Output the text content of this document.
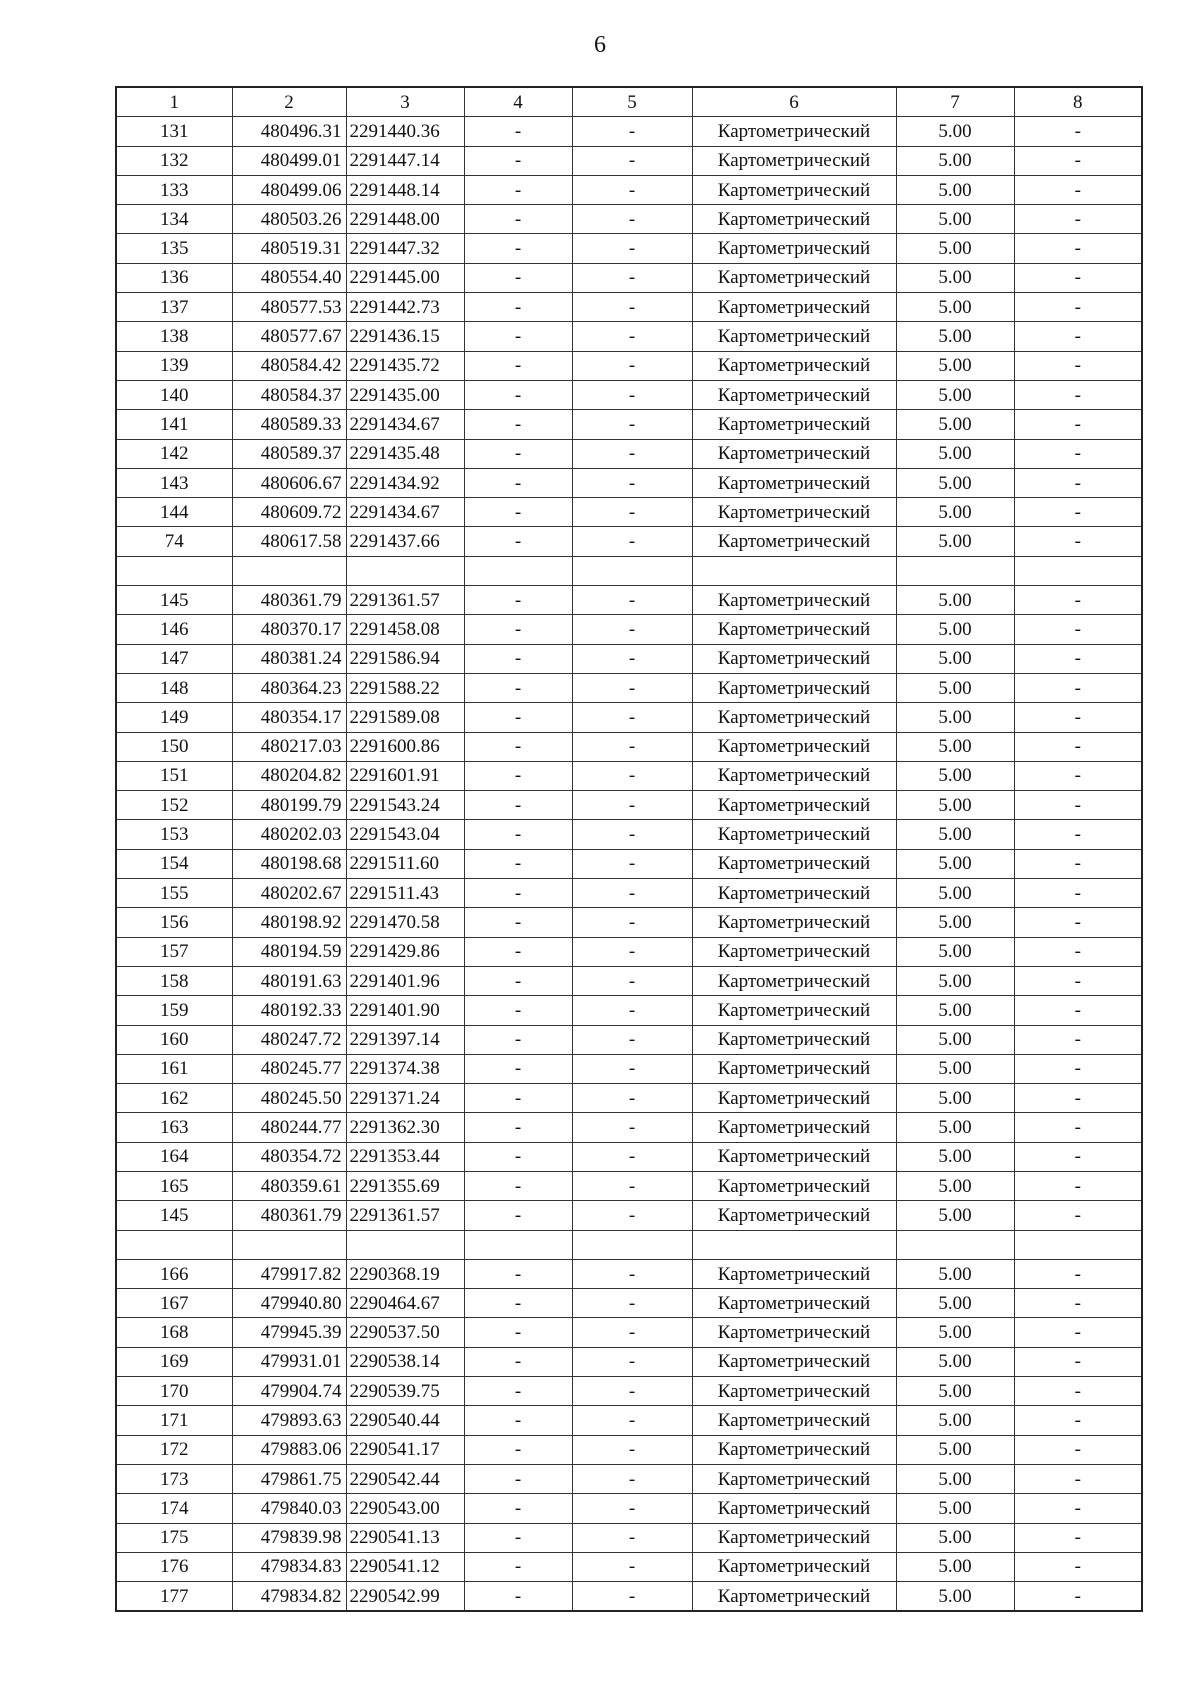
6
1	2	3	4	5	6	7	8
131	480496.31	2291440.36	-	-	Картометрический	5.00	-
132	480499.01	2291447.14	-	-	Картометрический	5.00	-
133	480499.06	2291448.14	-	-	Картометрический	5.00	-
134	480503.26	2291448.00	-	-	Картометрический	5.00	-
135	480519.31	2291447.32	-	-	Картометрический	5.00	-
136	480554.40	2291445.00	-	-	Картометрический	5.00	-
137	480577.53	2291442.73	-	-	Картометрический	5.00	-
138	480577.67	2291436.15	-	-	Картометрический	5.00	-
139	480584.42	2291435.72	-	-	Картометрический	5.00	-
140	480584.37	2291435.00	-	-	Картометрический	5.00	-
141	480589.33	2291434.67	-	-	Картометрический	5.00	-
142	480589.37	2291435.48	-	-	Картометрический	5.00	-
143	480606.67	2291434.92	-	-	Картометрический	5.00	-
144	480609.72	2291434.67	-	-	Картометрический	5.00	-
74	480617.58	2291437.66	-	-	Картометрический	5.00	-

145	480361.79	2291361.57	-	-	Картометрический	5.00	-
146	480370.17	2291458.08	-	-	Картометрический	5.00	-
147	480381.24	2291586.94	-	-	Картометрический	5.00	-
148	480364.23	2291588.22	-	-	Картометрический	5.00	-
149	480354.17	2291589.08	-	-	Картометрический	5.00	-
150	480217.03	2291600.86	-	-	Картометрический	5.00	-
151	480204.82	2291601.91	-	-	Картометрический	5.00	-
152	480199.79	2291543.24	-	-	Картометрический	5.00	-
153	480202.03	2291543.04	-	-	Картометрический	5.00	-
154	480198.68	2291511.60	-	-	Картометрический	5.00	-
155	480202.67	2291511.43	-	-	Картометрический	5.00	-
156	480198.92	2291470.58	-	-	Картометрический	5.00	-
157	480194.59	2291429.86	-	-	Картометрический	5.00	-
158	480191.63	2291401.96	-	-	Картометрический	5.00	-
159	480192.33	2291401.90	-	-	Картометрический	5.00	-
160	480247.72	2291397.14	-	-	Картометрический	5.00	-
161	480245.77	2291374.38	-	-	Картометрический	5.00	-
162	480245.50	2291371.24	-	-	Картометрический	5.00	-
163	480244.77	2291362.30	-	-	Картометрический	5.00	-
164	480354.72	2291353.44	-	-	Картометрический	5.00	-
165	480359.61	2291355.69	-	-	Картометрический	5.00	-
145	480361.79	2291361.57	-	-	Картометрический	5.00	-

166	479917.82	2290368.19	-	-	Картометрический	5.00	-
167	479940.80	2290464.67	-	-	Картометрический	5.00	-
168	479945.39	2290537.50	-	-	Картометрический	5.00	-
169	479931.01	2290538.14	-	-	Картометрический	5.00	-
170	479904.74	2290539.75	-	-	Картометрический	5.00	-
171	479893.63	2290540.44	-	-	Картометрический	5.00	-
172	479883.06	2290541.17	-	-	Картометрический	5.00	-
173	479861.75	2290542.44	-	-	Картометрический	5.00	-
174	479840.03	2290543.00	-	-	Картометрический	5.00	-
175	479839.98	2290541.13	-	-	Картометрический	5.00	-
176	479834.83	2290541.12	-	-	Картометрический	5.00	-
177	479834.82	2290542.99	-	-	Картометрический	5.00	-
